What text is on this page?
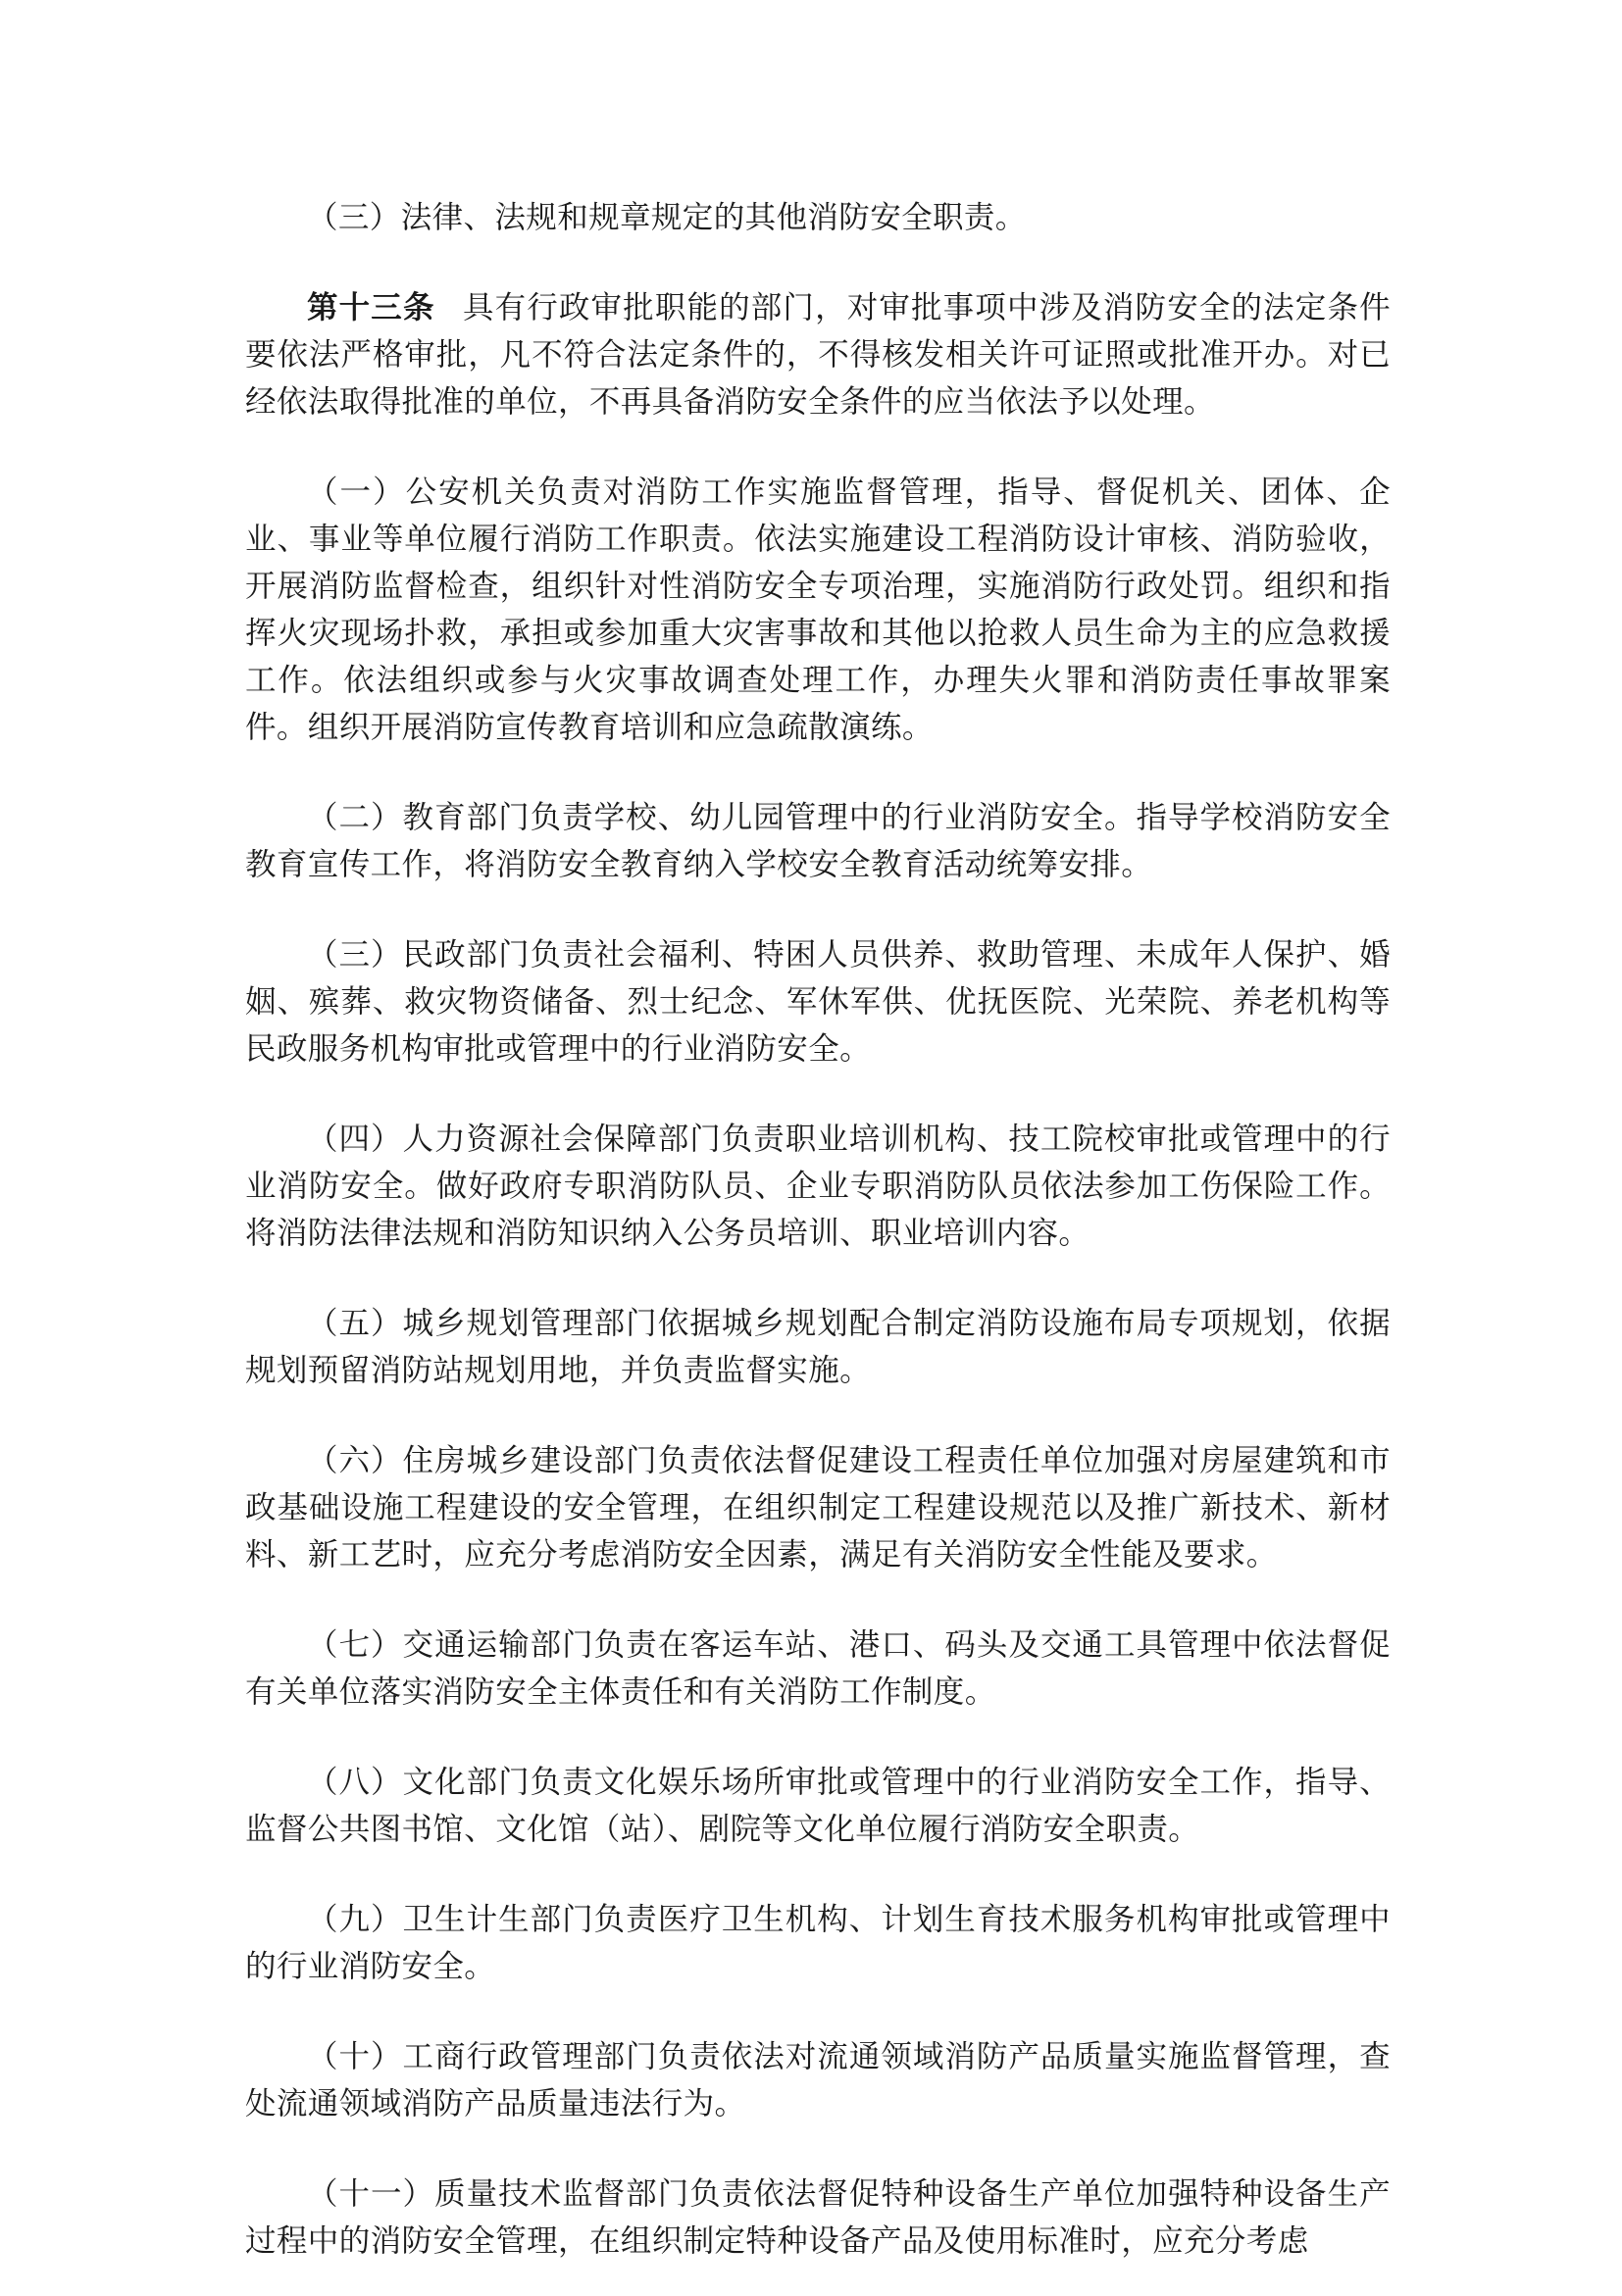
（三）法律、法规和规章规定的其他消防安全职责。

第十三条 具有行政审批职能的部门，对审批事项中涉及消防安全的法定条件要依法严格审批，凡不符合法定条件的，不得核发相关许可证照或批准开办。对已经依法取得批准的单位，不再具备消防安全条件的应当依法予以处理。

（一）公安机关负责对消防工作实施监督管理，指导、督促机关、团体、企业、事业等单位履行消防工作职责。依法实施建设工程消防设计审核、消防验收，开展消防监督检查，组织针对性消防安全专项治理，实施消防行政处罚。组织和指挥火灾现场扑救，承担或参加重大灾害事故和其他以抢救人员生命为主的应急救援工作。依法组织或参与火灾事故调查处理工作，办理失火罪和消防责任事故罪案件。组织开展消防宣传教育培训和应急疏散演练。

（二）教育部门负责学校、幼儿园管理中的行业消防安全。指导学校消防安全教育宣传工作，将消防安全教育纳入学校安全教育活动统筹安排。

（三）民政部门负责社会福利、特困人员供养、救助管理、未成年人保护、婚姻、殡葬、救灾物资储备、烈士纪念、军休军供、优抚医院、光荣院、养老机构等民政服务机构审批或管理中的行业消防安全。

（四）人力资源社会保障部门负责职业培训机构、技工院校审批或管理中的行业消防安全。做好政府专职消防队员、企业专职消防队员依法参加工伤保险工作。将消防法律法规和消防知识纳入公务员培训、职业培训内容。

（五）城乡规划管理部门依据城乡规划配合制定消防设施布局专项规划，依据规划预留消防站规划用地，并负责监督实施。

（六）住房城乡建设部门负责依法督促建设工程责任单位加强对房屋建筑和市政基础设施工程建设的安全管理，在组织制定工程建设规范以及推广新技术、新材料、新工艺时，应充分考虑消防安全因素，满足有关消防安全性能及要求。

（七）交通运输部门负责在客运车站、港口、码头及交通工具管理中依法督促有关单位落实消防安全主体责任和有关消防工作制度。

（八）文化部门负责文化娱乐场所审批或管理中的行业消防安全工作，指导、监督公共图书馆、文化馆（站）、剧院等文化单位履行消防安全职责。

（九）卫生计生部门负责医疗卫生机构、计划生育技术服务机构审批或管理中的行业消防安全。

（十）工商行政管理部门负责依法对流通领域消防产品质量实施监督管理，查处流通领域消防产品质量违法行为。

（十一）质量技术监督部门负责依法督促特种设备生产单位加强特种设备生产过程中的消防安全管理，在组织制定特种设备产品及使用标准时，应充分考虑
